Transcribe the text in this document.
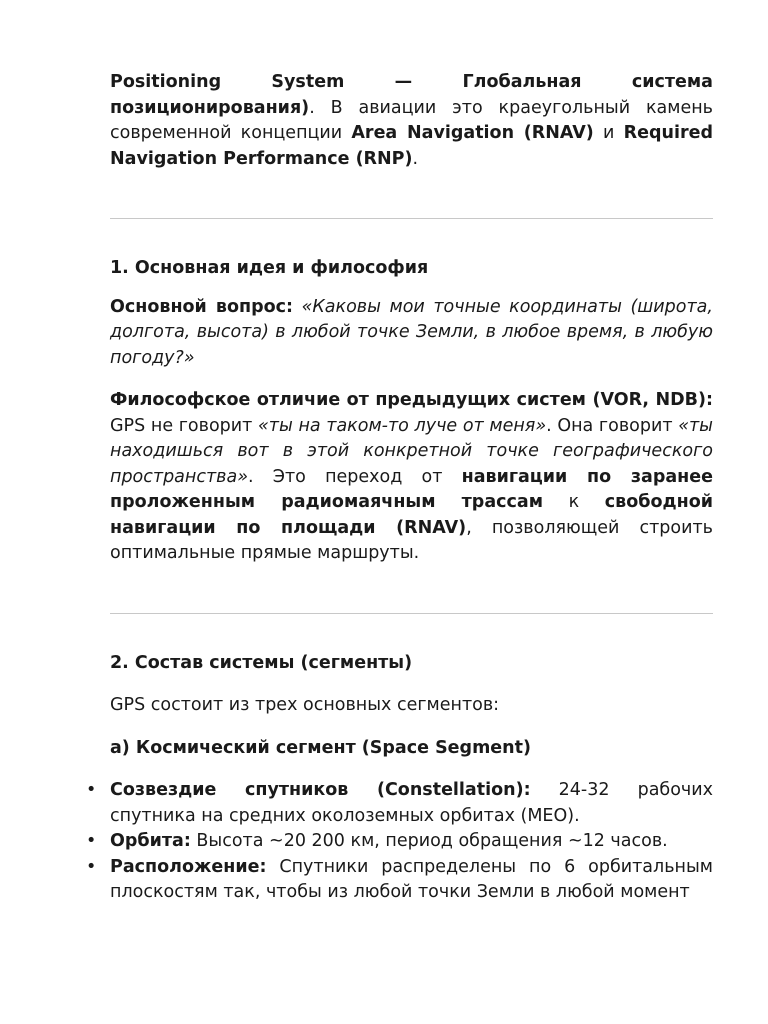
Positioning System — Глобальная система позиционирования). В авиации это краеугольный камень современной концепции Area Navigation (RNAV) и Required Navigation Performance (RNP).

1. Основная идея и философия

Основной вопрос: «Каковы мои точные координаты (широта, долгота, высота) в любой точке Земли, в любое время, в любую погоду?»

Философское отличие от предыдущих систем (VOR, NDB): GPS не говорит «ты на таком-то луче от меня». Она говорит «ты находишься вот в этой конкретной точке географического пространства». Это переход от навигации по заранее проложенным радиомаячным трассам к свободной навигации по площади (RNAV), позволяющей строить оптимальные прямые маршруты.

2. Состав системы (сегменты)

GPS состоит из трех основных сегментов:

а) Космический сегмент (Space Segment)
• Созвездие спутников (Constellation): 24-32 рабочих спутника на средних околоземных орбитах (MEO).
• Орбита: Высота ~20 200 км, период обращения ~12 часов.
• Расположение: Спутники распределены по 6 орбитальным плоскостям так, чтобы из любой точки Земли в любой момент
